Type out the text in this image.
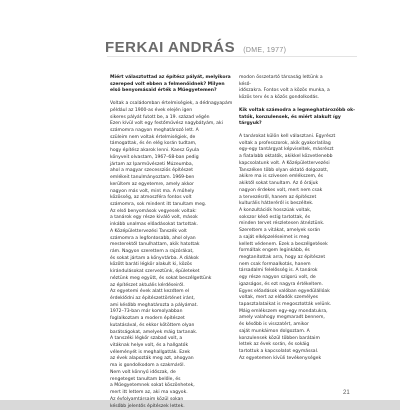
FERKAI ANDRÁS (DME, 1977)

Miért választottad az építész pályát, melyikora

szereped volt ebben a felmenőidnek? Milyen

első benyomásaid érték a Műegyetemen?

Voltak a családomban értelmiségiek, a dédnagyapám

például az 1900-as évek elején igen

sikeres pályát futott be, a 19. század végén

Ezen kívül volt egy festőművész nagybátyám, aki

számomra nagyon meghatározó lett. A

szüleim nem voltak értelmiségiek, de

támogattak, és én elég korán tudtam,

hogy építész akarok lenni. Kaesz Gyula

könyveit olvastam, 1967–68-ban pedig

jártam az Iparművészeti Múzeumba,

ahol a magyar szecessziós építészet

emlékeit tanulmányoztam. 1969-ben

kerültem az egyetemre, amely akkor

nagyon más volt, mint ma. A műhely

közösség, az atmoszféra fontos volt

számomra, sok mindent itt tanultam meg.

Az első benyomások vegyesek voltak:

a tanárok egy része kiváló volt, mások

inkább unalmas előadásokat tartottak.

A Középülettervezési Tanszék volt

számomra a legfontosabb, ahol olyan

mesterektől tanulhattam, akik hatottak

rám. Nagyon szerettem a rajzórákat,

és sokat jártam a könyvtárba. A diákok

között baráti légkör alakult ki, közös

kirándulásokat szerveztünk, épületeket

néztünk meg együtt, és sokat beszélgettünk

az építészet aktuális kérdéseiről.

Az egyetemi évek alatt kezdtem el

érdeklődni az építészettörténet iránt,

ami később meghatározta a pályámat.

1972–73-ban már komolyabban

foglalkoztam a modern építészet

kutatásával, és ekkor kötöttem olyan

barátságokat, amelyek máig tartanak.

A tanszéki légkör szabad volt, a

vitáknak helye volt, és a hallgatók

véleményét is meghallgatták. Ezek

az évek alapozták meg azt, ahogyan

ma is gondolkodom a szakmáról.

Nem volt könnyű időszak, de

rengeteget tanultam belőle, és

a Műegyetemnek sokat köszönhetek,

mert itt lettem az, aki ma vagyok.

Az évfolyamtársaim közül sokan

később jelentős építészek lettek.

modon összetartó társaság lettünk a

késő-

időszakra. Fontos volt a közös munka, a

közös terv és a közös gondolkodás.

Kik voltak számodra a legmeghatározóbb ok-

tatók, konzulensek, és miért alakult így

tárgyuk?

A tanárokat külön kell választani. Egyrészt

voltak a professzorok, akik gyakorlatilag

egy-egy tantárgyat képviseltek, másrészt

a fiatalabb oktatók, akikkel közvetlenebb

kapcsolatunk volt. A Középülettervezési

Tanszéken több olyan oktató dolgozott,

akikre ma is szívesen emlékszem, és

akiktől sokat tanultam. Az ő órájuk

nagyon érdekes volt, mert nem csak

a tervezésről, hanem az építészet

kulturális hátteréről is beszéltek.

A konzultációk hosszúak voltak,

sokszor késő estig tartottak, és

minden tervet részletesen átnéztünk.

Szerettem a vitákat, amelyek során

a saját elképzeléseimet is meg

kellett védenem. Ezek a beszélgetések

formáltak engem leginkább, és

megtanítottak arra, hogy az építészet

nem csak formaalkotás, hanem

társadalmi felelősség is. A tanárok

egy része nagyon szigorú volt, de

igazságos, és ezt nagyra értékeltem.

Egyes előadások valóban egyedülállóak

voltak, mert az előadók személyes

tapasztalataikat is megosztották velünk.

Máig emlékszem egy-egy mondatukra,

amely valahogy megmaradt bennem,

és később is visszatért, amikor

saját munkáimon dolgoztam. A

konzulensek közül többen barátaim

lettek az évek során, és sokáig

tartottuk a kapcsolatot egymással.

Az egyetemen kívüli tevékenységek

21
